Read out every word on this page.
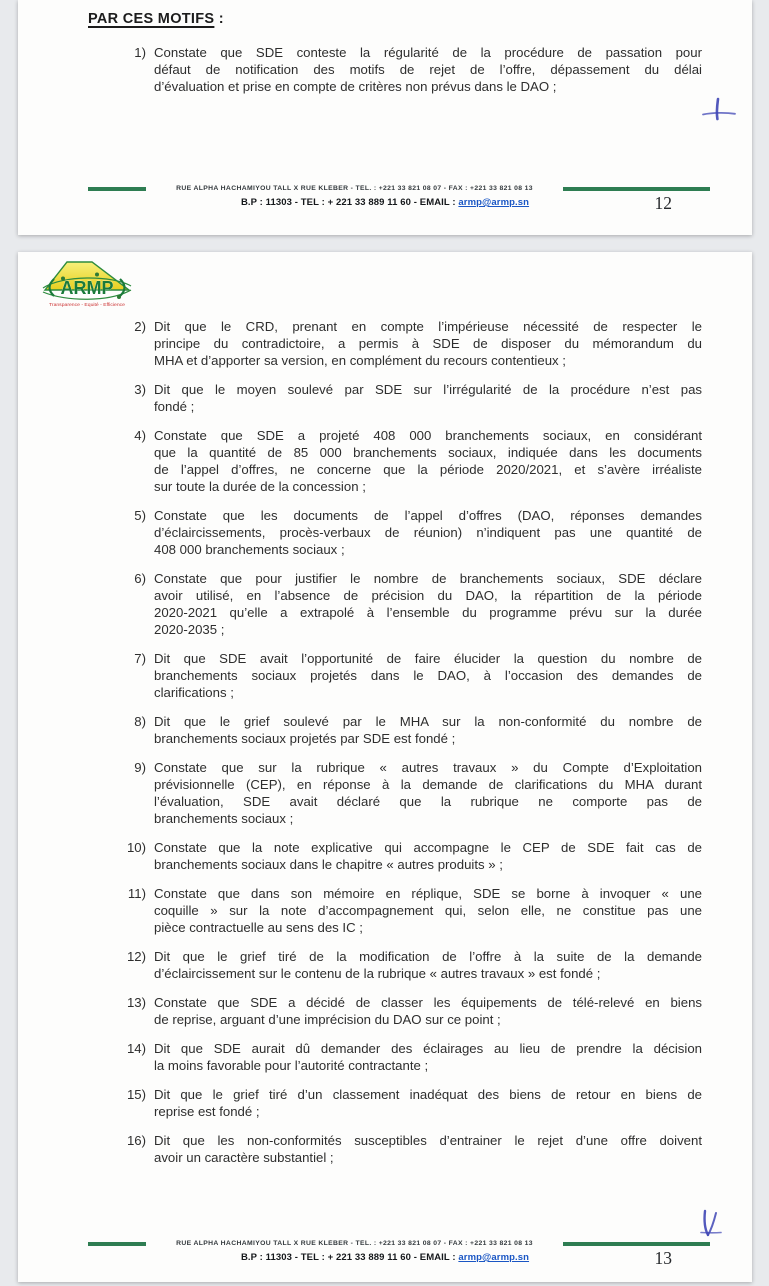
PAR CES MOTIFS :
1) Constate que SDE conteste la régularité de la procédure de passation pour
défaut de notification des motifs de rejet de l’offre, dépassement du délai
d’évaluation et prise en compte de critères non prévus dans le DAO ;
RUE ALPHA HACHAMIYOU TALL X RUE KLÉBER - TÉL. : +221 33 821 08 07 - FAX : +221 33 821 08 13
B.P : 11303 - TEL : + 221 33 889 11 60 - EMAIL : armp@armp.sn	12
ARMP
Transparence - Equité - Efficience
2) Dit que le CRD, prenant en compte l’impérieuse nécessité de respecter le
principe du contradictoire, a permis à SDE de disposer du mémorandum du
MHA et d’apporter sa version, en complément du recours contentieux ;
3) Dit que le moyen soulevé par SDE sur l’irrégularité de la procédure n’est pas
fondé ;
4) Constate que SDE a projeté 408 000 branchements sociaux, en considérant
que la quantité de 85 000 branchements sociaux, indiquée dans les documents
de l’appel d’offres, ne concerne que la période 2020/2021, et s’avère irréaliste
sur toute la durée de la concession ;
5) Constate que les documents de l’appel d’offres (DAO, réponses demandes
d’éclaircissements, procès-verbaux de réunion) n’indiquent pas une quantité de
408 000 branchements sociaux ;
6) Constate que pour justifier le nombre de branchements sociaux, SDE déclare
avoir utilisé, en l’absence de précision du DAO, la répartition de la période
2020-2021 qu’elle a extrapolé à l’ensemble du programme prévu sur la durée
2020-2035 ;
7) Dit que SDE avait l’opportunité de faire élucider la question du nombre de
branchements sociaux projetés dans le DAO, à l’occasion des demandes de
clarifications ;
8) Dit que le grief soulevé par le MHA sur la non-conformité du nombre de
branchements sociaux projetés par SDE est fondé ;
9) Constate que sur la rubrique « autres travaux » du Compte d’Exploitation
prévisionnelle (CEP), en réponse à la demande de clarifications du MHA durant
l’évaluation, SDE avait déclaré que la rubrique ne comporte pas de
branchements sociaux ;
10) Constate que la note explicative qui accompagne le CEP de SDE fait cas de
branchements sociaux dans le chapitre « autres produits » ;
11) Constate que dans son mémoire en réplique, SDE se borne à invoquer « une
coquille » sur la note d’accompagnement qui, selon elle, ne constitue pas une
pièce contractuelle au sens des IC ;
12) Dit que le grief tiré de la modification de l’offre à la suite de la demande
d’éclaircissement sur le contenu de la rubrique « autres travaux » est fondé ;
13) Constate que SDE a décidé de classer les équipements de télé-relevé en biens
de reprise, arguant d’une imprécision du DAO sur ce point ;
14) Dit que SDE aurait dû demander des éclairages au lieu de prendre la décision
la moins favorable pour l’autorité contractante ;
15) Dit que le grief tiré d’un classement inadéquat des biens de retour en biens de
reprise est fondé ;
16) Dit que les non-conformités susceptibles d’entrainer le rejet d’une offre doivent
avoir un caractère substantiel ;
RUE ALPHA HACHAMIYOU TALL X RUE KLÉBER - TÉL. : +221 33 821 08 07 - FAX : +221 33 821 08 13
B.P : 11303 - TEL : + 221 33 889 11 60 - EMAIL : armp@armp.sn	13
